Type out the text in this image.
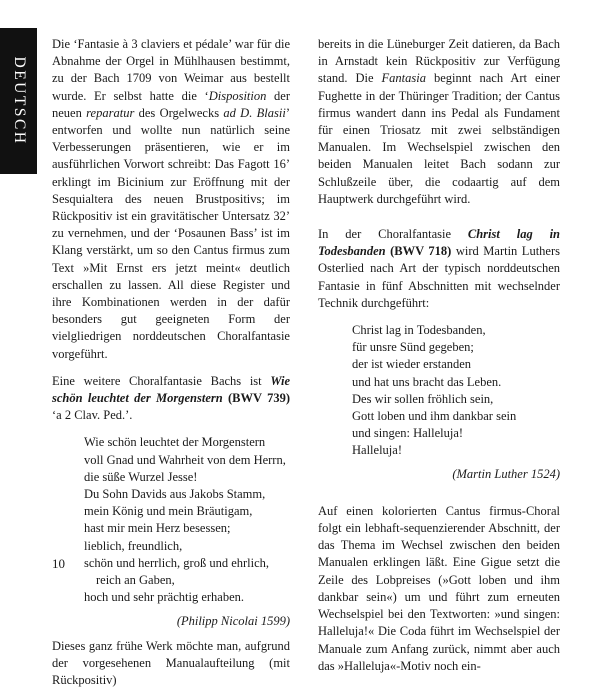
DEUTSCH

Die ‘Fantasie à 3 claviers et pédale’ war für die Abnahme der Orgel in Mühlhausen bestimmt, zu der Bach 1709 von Weimar aus bestellt wurde. Er selbst hatte die ‘Disposition der neuen reparatur des Orgelwecks ad D. Blasii’ entworfen und wollte nun natürlich seine Verbesserungen präsentieren, wie er im ausführlichen Vorwort schreibt: Das Fagott 16’ erklingt im Bicinium zur Eröffnung mit der Sesquialtera des neuen Brustpositivs; im Rückpositiv ist ein gravitätischer Untersatz 32’ zu vernehmen, und der ‘Posaunen Bass’ ist im Klang verstärkt, um so den Cantus firmus zum Text »Mit Ernst ers jetzt meint« deutlich erschallen zu lassen. All diese Register und ihre Kombinationen werden in der dafür besonders gut geeigneten Form der vielgliedrigen norddeutschen Choralfantasie vorgeführt.

Eine weitere Choralfantasie Bachs ist Wie schön leuchtet der Morgenstern (BWV 739) ‘a 2 Clav. Ped.’.

Wie schön leuchtet der Morgenstern
voll Gnad und Wahrheit von dem Herrn,
die süße Wurzel Jesse!
Du Sohn Davids aus Jakobs Stamm,
mein König und mein Bräutigam,
hast mir mein Herz besessen;
lieblich, freundlich,
schön und herrlich, groß und ehrlich,
reich an Gaben,
hoch und sehr prächtig erhaben.
(Philipp Nicolai 1599)

Dieses ganz frühe Werk möchte man, aufgrund der vorgesehenen Manualaufteilung (mit Rückpositiv)

bereits in die Lüneburger Zeit datieren, da Bach in Arnstadt kein Rückpositiv zur Verfügung stand. Die Fantasia beginnt nach Art einer Fughette in der Thüringer Tradition; der Cantus firmus wandert dann ins Pedal als Fundament für einen Triosatz mit zwei selbständigen Manualen. Im Wechselspiel zwischen den beiden Manualen leitet Bach sodann zur Schlußzeile über, die codaartig auf dem Hauptwerk durchgeführt wird.

In der Choralfantasie Christ lag in Todesbanden (BWV 718) wird Martin Luthers Osterlied nach Art der typisch norddeutschen Fantasie in fünf Abschnitten mit wechselnder Technik durchgeführt:

Christ lag in Todesbanden,
für unsre Sünd gegeben;
der ist wieder erstanden
und hat uns bracht das Leben.
Des wir sollen fröhlich sein,
Gott loben und ihm dankbar sein
und singen: Halleluja!
Halleluja!
(Martin Luther 1524)

Auf einen kolorierten Cantus firmus-Choral folgt ein lebhaft-sequenzierender Abschnitt, der das Thema im Wechsel zwischen den beiden Manualen erklingen läßt. Eine Gigue setzt die Zeile des Lobpreises (»Gott loben und ihm dankbar sein«) um und führt zum erneuten Wechselspiel bei den Textworten: »und singen: Halleluja!« Die Coda führt im Wechselspiel der Manuale zum Anfang zurück, nimmt aber auch das »Halleluja«-Motiv noch ein-

10
